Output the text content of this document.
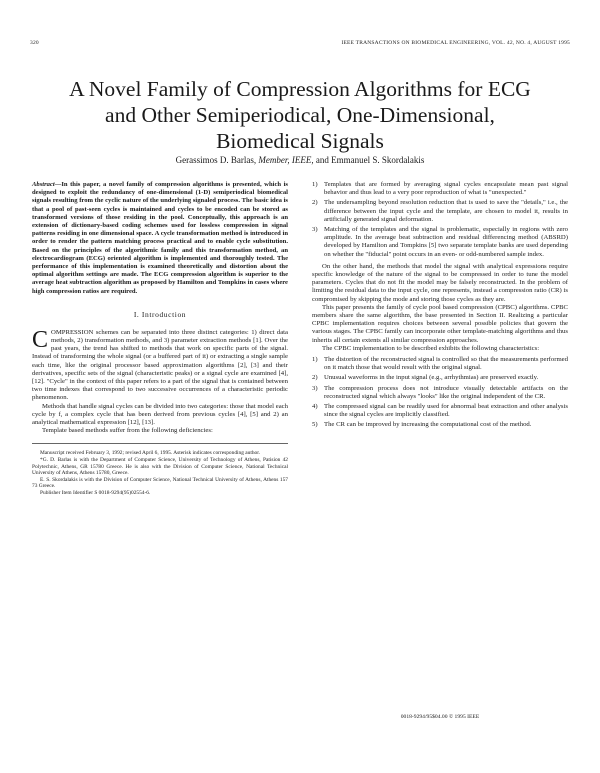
320	IEEE TRANSACTIONS ON BIOMEDICAL ENGINEERING, VOL. 42, NO. 4, AUGUST 1995
A Novel Family of Compression Algorithms for ECG and Other Semiperiodical, One-Dimensional, Biomedical Signals
Gerassimos D. Barlas, Member, IEEE, and Emmanuel S. Skordalakis

Abstract—In this paper, a novel family of compression algorithms is presented, which is designed to exploit the redundancy of one-dimensional (1-D) semiperiodical biomedical signals resulting from the cyclic nature of the underlying signaled process. The basic idea is that a pool of past-seen cycles is maintained and cycles to be encoded can be stored as transformed versions of those residing in the pool. Conceptually, this approach is an extension of dictionary-based coding schemes used for lossless compression in signal patterns residing in one dimensional space. A cycle transformation method is introduced in order to render the pattern matching process practical and to enable cycle substitution. Based on the principles of the algorithmic family and this transformation method, an electrocardiogram (ECG) oriented algorithm is implemented and thoroughly tested. The performance of this implementation is examined theoretically and distortion about the optimal algorithm settings are made. The ECG compression algorithm is superior to the average heat subtraction algorithm as proposed by Hamilton and Tompkins in cases where high compression ratios are required.

I. Introduction

COMPRESSION schemes can be separated into three distinct categories: 1) direct data methods, 2) transformation methods, and 3) parameter extraction methods [1]. Over the past years, the trend has shifted to methods that work on specific parts of the signal. Instead of transforming the whole signal (or a buffered part of it) or extracting a single sample each time, like the original processor based approximation algorithms [2], [3] and their derivatives, specific sets of the signal (characteristic peaks) or a signal cycle are examined [4], [12]. "Cycle" in the context of this paper refers to a part of the signal that is contained between two time indexes that correspond to two successive occurrences of a characteristic periodic phenomenon.

Methods that handle signal cycles can be divided into two categories: those that model each cycle by f, a complex cycle that has been derived from previous cycles [4], [5] and 2) an analytical mathematical expression [12], [13].

Template based methods suffer from the following deficiencies:

Manuscript received February 3, 1992; revised April 6, 1995. Asterisk indicates corresponding author.

*G. D. Barlas is with the Department of Computer Science, University of Technology of Athens, Patision 42 Polytechnic, Athens, GR 15780 Greece. He is also with the Division of Computer Science, National Technical University of Athens, Athens 15780, Greece.

E. S. Skordalakis is with the Division of Computer Science, National Technical University of Athens, Athens 157 73 Greece.

Publisher Item Identifier S 0018-9294(95)02554-6.

1) Templates that are formed by averaging signal cycles encapsulate mean past signal behavior and thus lead to a very poor reproduction of what is "unexpected."
2) The undersampling beyond resolution reduction that is used to save the "details," i.e., the difference between the input cycle and the template, are chosen to model it, results in artificially generated signal deformation.
3) Matching of the templates and the signal is problematic, especially in regions with zero amplitude. In the average beat subtraction and residual differencing method (ABSRD) developed by Hamilton and Tompkins [5] two separate template banks are used depending on whether the "fiducial" point occurs in an even- or odd-numbered sample index.

On the other hand, the methods that model the signal with analytical expressions require specific knowledge of the nature of the signal to be compressed in order to tune the model parameters. Cycles that do not fit the model may be falsely reconstructed. In the problem of limiting the residual data to the input cycle, one represents, instead a compression ratio (CR) is compromised by skipping the mode and storing those cycles as they are.

This paper presents the family of cycle pool based compression (CPBC) algorithms. CPBC members share the same algorithm, the base presented in Section II. Realizing a particular CPBC implementation requires choices between several possible policies that govern the various stages. The CPBC family can incorporate other template-matching algorithms and thus inherits all certain extents all similar compression approaches.

The CPBC implementation to be described exhibits the following characteristics:

1) The distortion of the reconstructed signal is controlled so that the measurements performed on it match those that would result with the original signal.
2) Unusual waveforms in the input signal (e.g., arrhythmias) are preserved exactly.
3) The compression process does not introduce visually detectable artifacts on the reconstructed signal which always "looks" like the original independent of the CR.
4) The compressed signal can be readily used for abnormal beat extraction and other analysis since the signal cycles are implicitly classified.
5) The CR can be improved by increasing the computational cost of the method.
0018-9294/95$04.00 © 1995 IEEE
